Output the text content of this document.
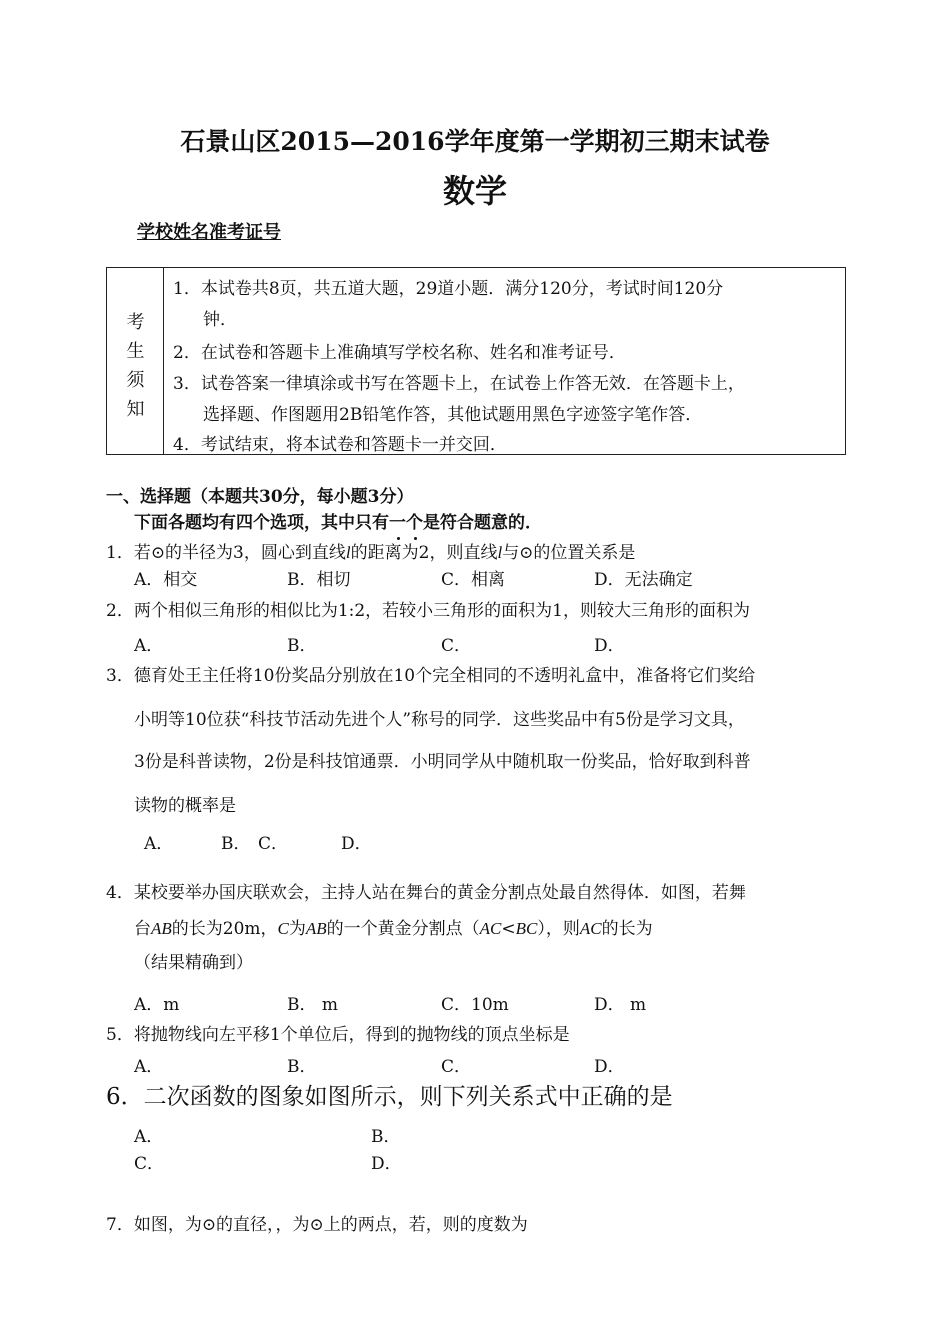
石景山区2015—2016学年度第一学期初三期末试卷
数学
学校姓名准考证号
考
生
须
知
1．本试卷共8页，共五道大题，29道小题．满分120分，考试时间120分
钟．
2．在试卷和答题卡上准确填写学校名称、姓名和准考证号．
3．试卷答案一律填涂或书写在答题卡上，在试卷上作答无效．在答题卡上，
选择题、作图题用2B铅笔作答，其他试题用黑色字迹签字笔作答．
4．考试结束，将本试卷和答题卡一并交回．
一、选择题（本题共30分，每小题3分）
下面各题均有四个选项，其中只有一个是符合题意的．
1．若⊙的半径为3，圆心到直线l的距离为2，则直线l与⊙的位置关系是
A．相交	B．相切	C．相离	D．无法确定
2．两个相似三角形的相似比为1:2，若较小三角形的面积为1，则较大三角形的面积为
A．	B．	C．	D．
3．德育处王主任将10份奖品分别放在10个完全相同的不透明礼盒中，准备将它们奖给
小明等10位获“科技节活动先进个人”称号的同学．这些奖品中有5份是学习文具，
3份是科普读物，2份是科技馆通票．小明同学从中随机取一份奖品，恰好取到科普
读物的概率是
A．	B． C．	D．
4．某校要举办国庆联欢会，主持人站在舞台的黄金分割点处最自然得体．如图，若舞
台AB的长为20m，C为AB的一个黄金分割点（AC<BC），则AC的长为
（结果精确到）
A．m	B． m	C．10m	D． m
5．将抛物线向左平移1个单位后，得到的抛物线的顶点坐标是
A．	B．	C．	D．
6．二次函数的图象如图所示，则下列关系式中正确的是
A．	B．
C．	D．
7．如图，为⊙的直径，，为⊙上的两点，若，则的度数为
